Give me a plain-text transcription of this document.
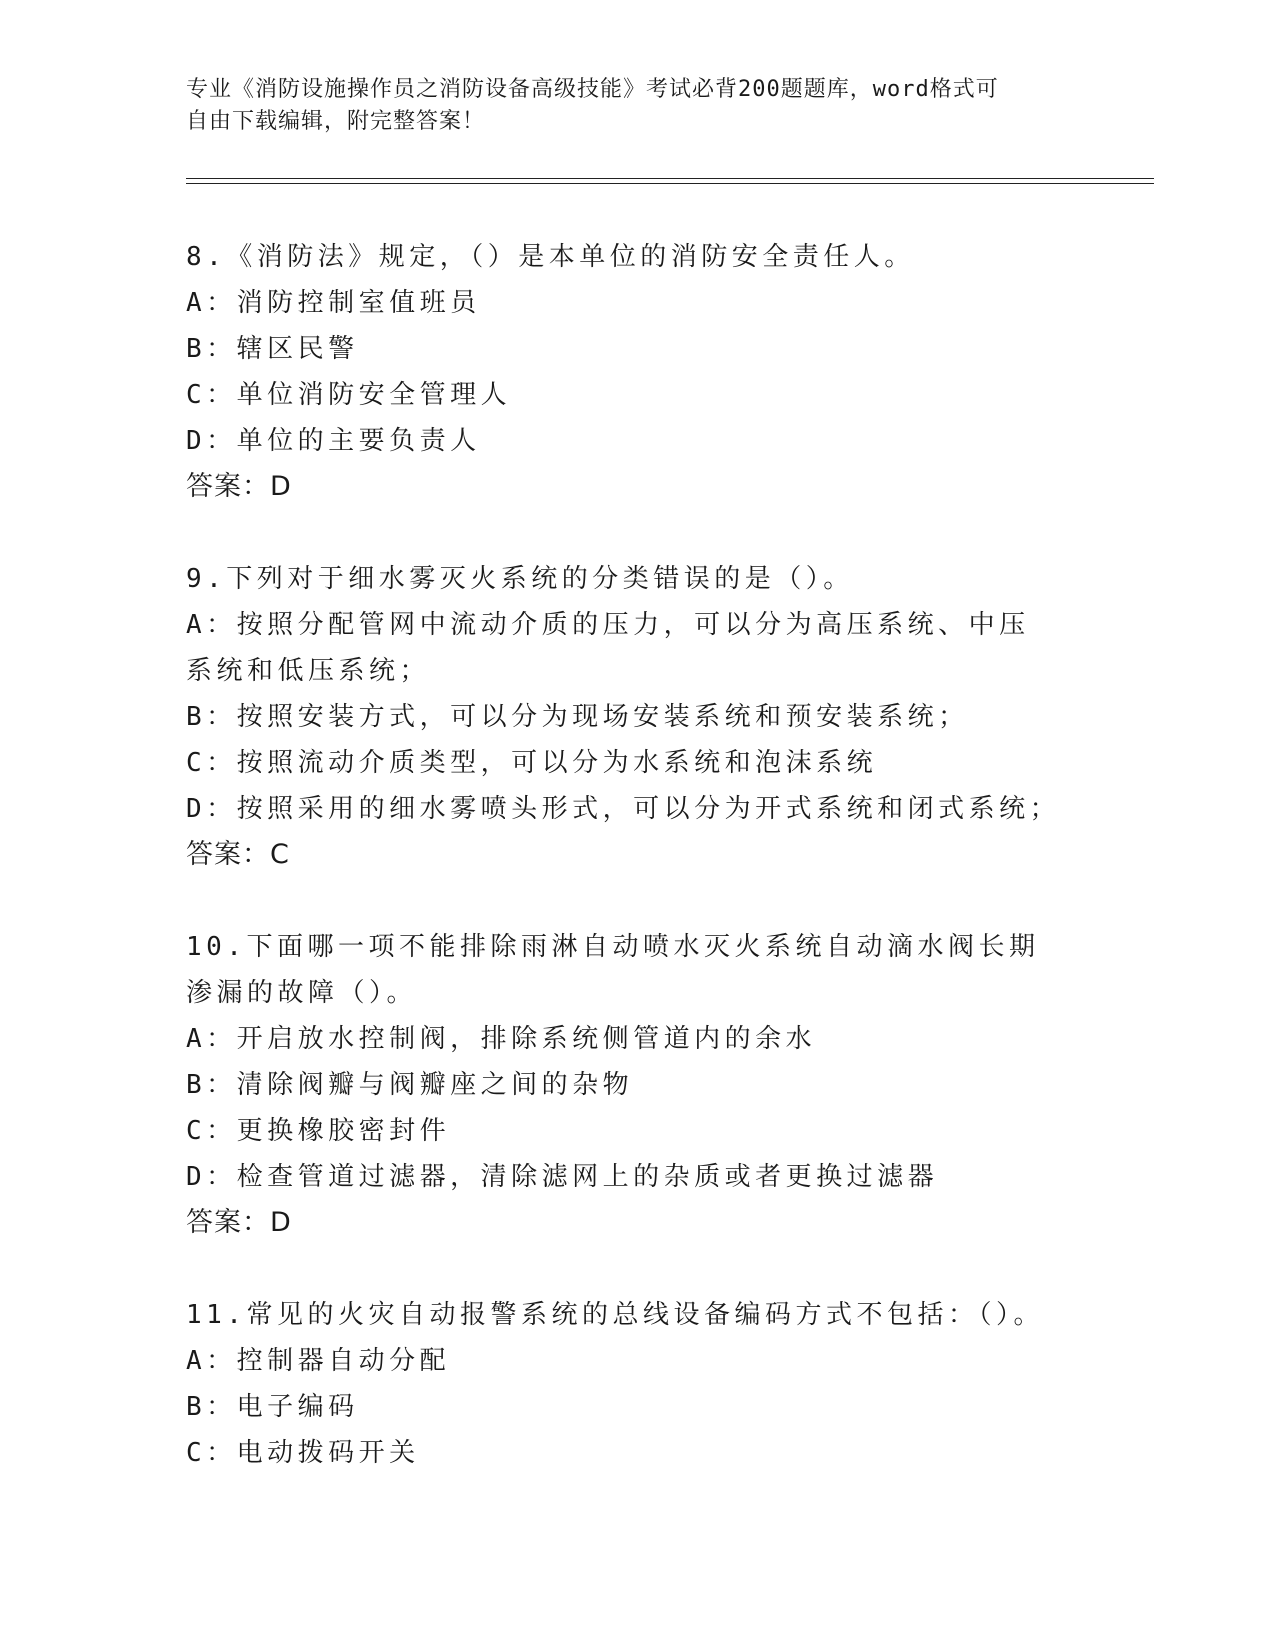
专业《消防设施操作员之消防设备高级技能》考试必背200题题库，word格式可
自由下载编辑，附完整答案！
8.《消防法》规定，（）是本单位的消防安全责任人。
A：消防控制室值班员
B：辖区民警
C：单位消防安全管理人
D：单位的主要负责人
答案：D
9.下列对于细水雾灭火系统的分类错误的是（）。
A：按照分配管网中流动介质的压力，可以分为高压系统、中压系统和低压系统；
B：按照安装方式，可以分为现场安装系统和预安装系统；
C：按照流动介质类型，可以分为水系统和泡沫系统
D：按照采用的细水雾喷头形式，可以分为开式系统和闭式系统；
答案：C
10.下面哪一项不能排除雨淋自动喷水灭火系统自动滴水阀长期渗漏的故障（）。
A：开启放水控制阀，排除系统侧管道内的余水
B：清除阀瓣与阀瓣座之间的杂物
C：更换橡胶密封件
D：检查管道过滤器，清除滤网上的杂质或者更换过滤器
答案：D
11.常见的火灾自动报警系统的总线设备编码方式不包括：（）。
A：控制器自动分配
B：电子编码
C：电动拨码开关
